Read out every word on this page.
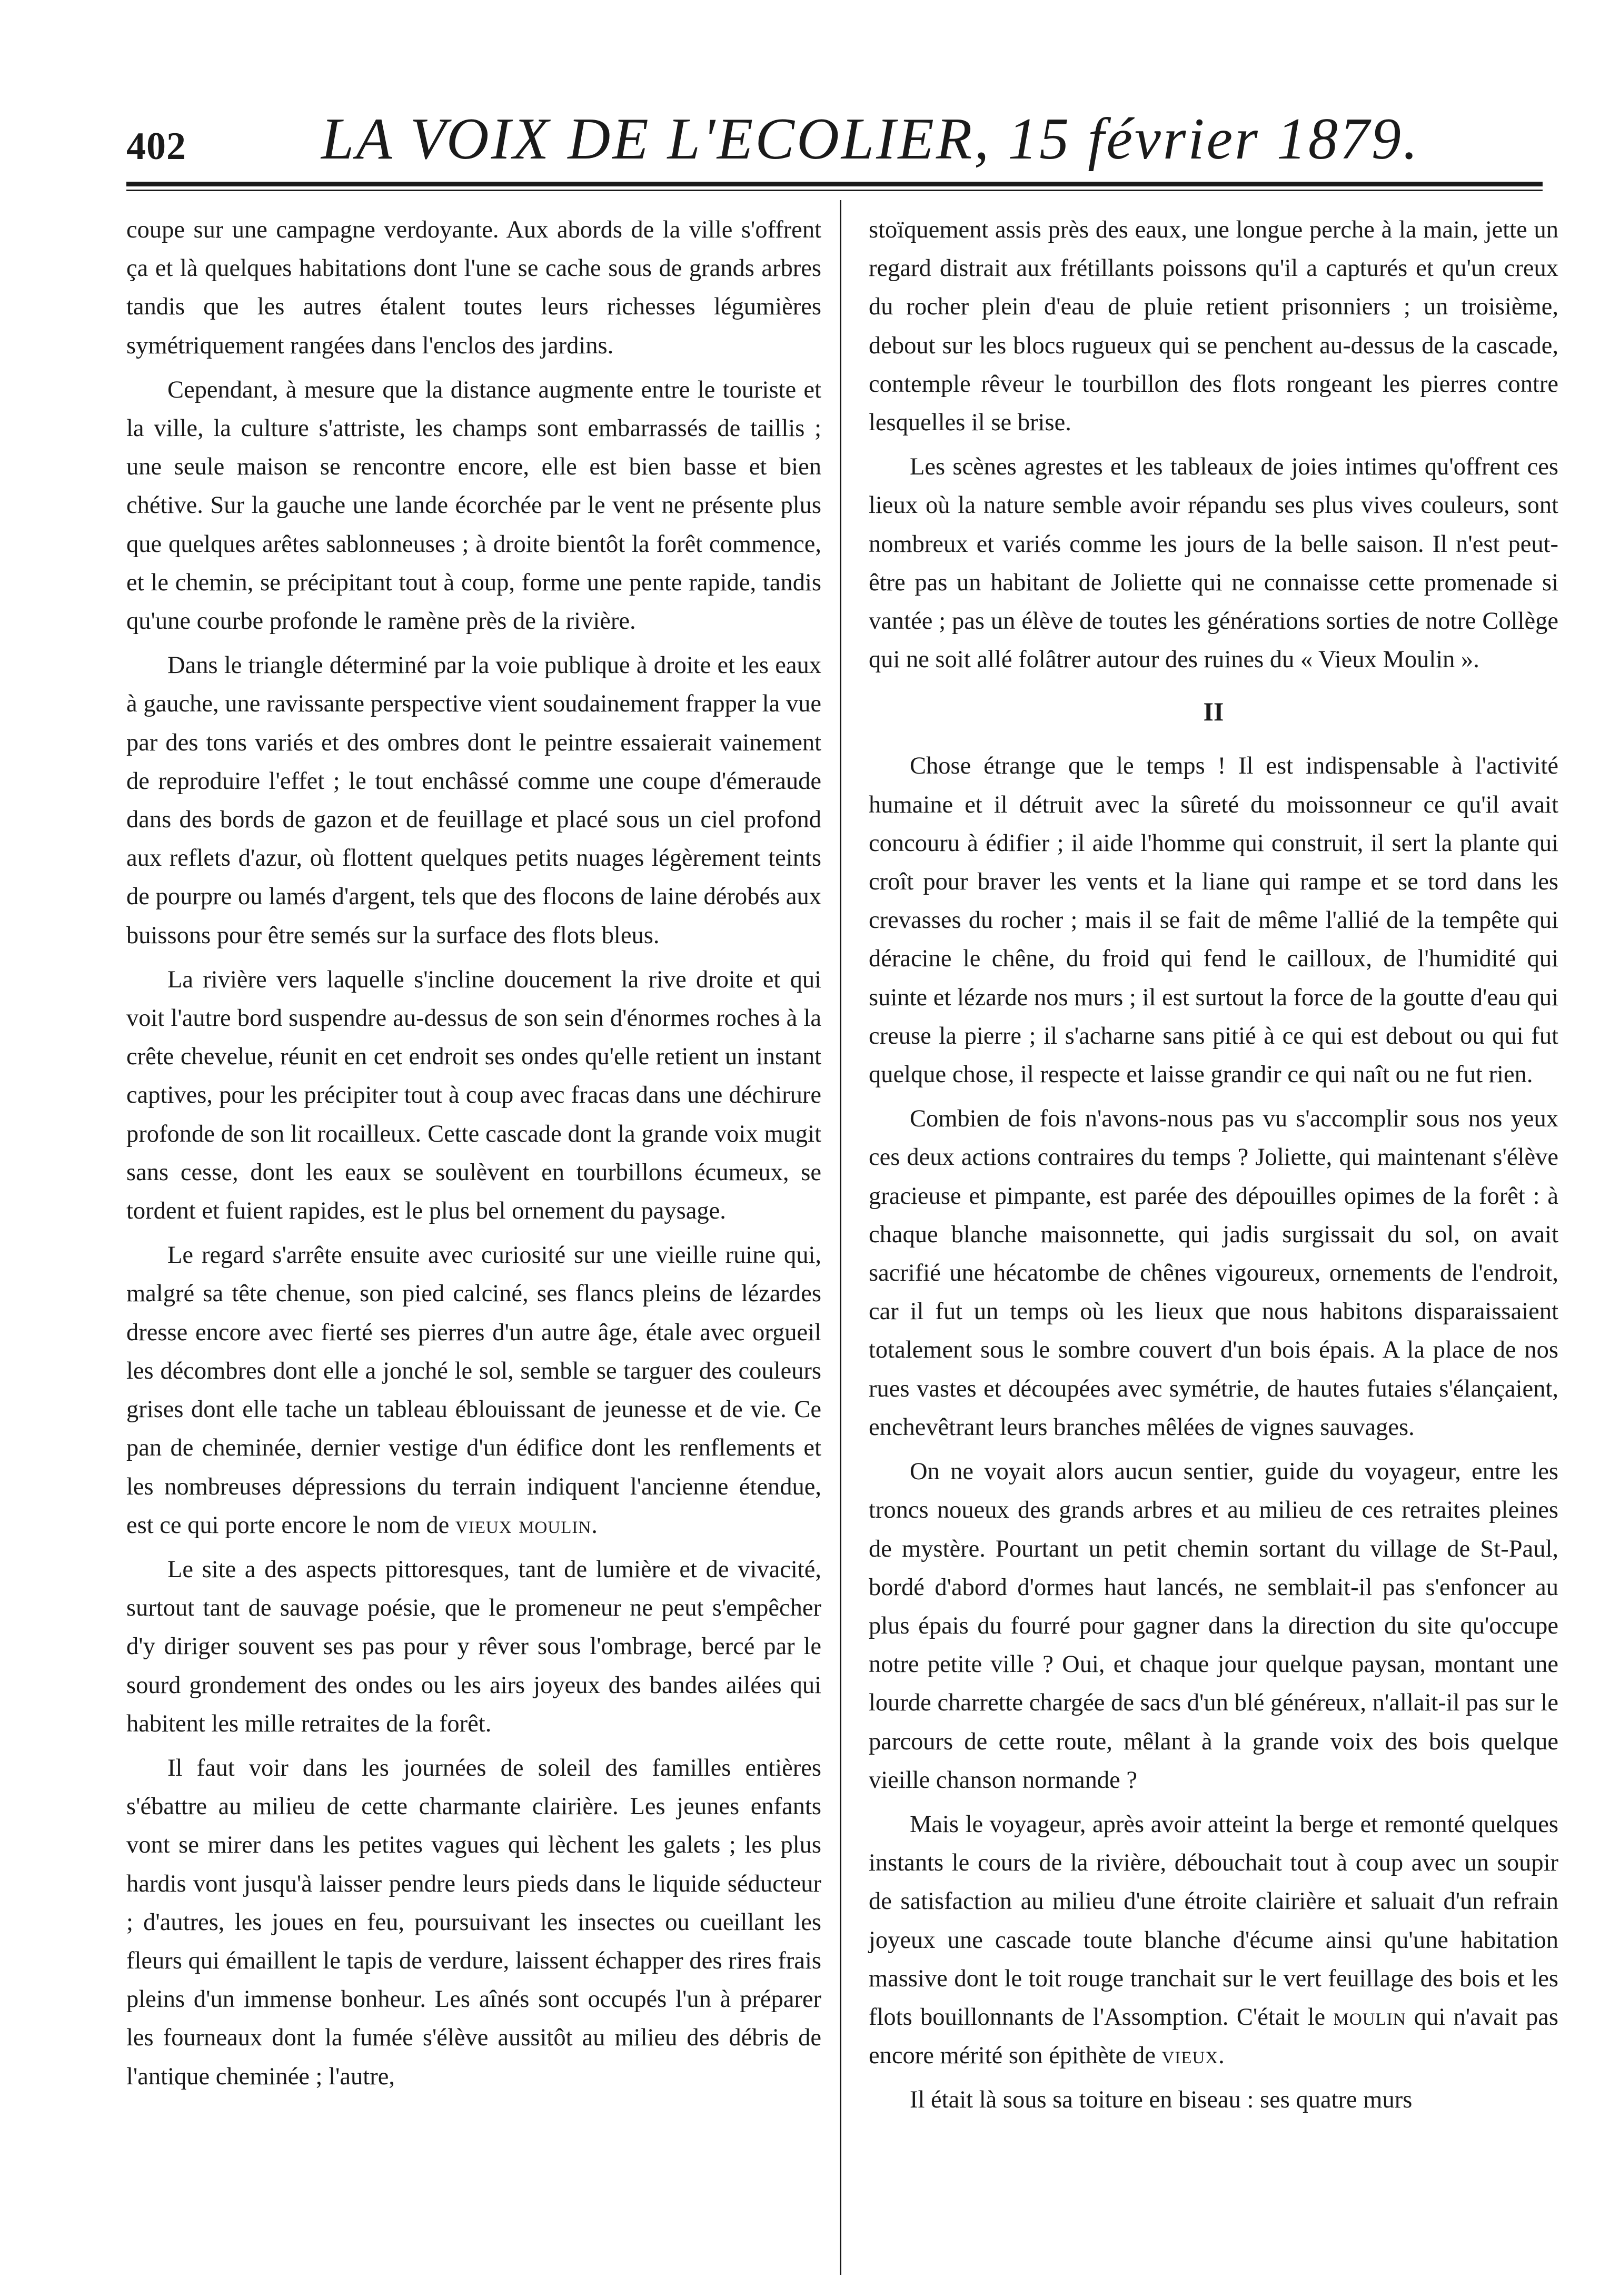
402 LA VOIX DE L'ECOLIER, 15 février 1879.

coupe sur une campagne verdoyante. Aux abords de la ville s'offrent ça et là quelques habitations dont l'une se cache sous de grands arbres tandis que les autres étalent toutes leurs richesses légumières symétriquement rangées dans l'enclos des jardins.

Cependant, à mesure que la distance augmente entre le touriste et la ville, la culture s'attriste, les champs sont embarrassés de taillis ; une seule maison se rencontre encore, elle est bien basse et bien chétive. Sur la gauche une lande écorchée par le vent ne présente plus que quelques arêtes sablonneuses ; à droite bientôt la forêt commence, et le chemin, se précipitant tout à coup, forme une pente rapide, tandis qu'une courbe profonde le ramène près de la rivière.

Dans le triangle déterminé par la voie publique à droite et les eaux à gauche, une ravissante perspective vient soudainement frapper la vue par des tons variés et des ombres dont le peintre essaierait vainement de reproduire l'effet ; le tout enchâssé comme une coupe d'émeraude dans des bords de gazon et de feuillage et placé sous un ciel profond aux reflets d'azur, où flottent quelques petits nuages légèrement teints de pourpre ou lamés d'argent, tels que des flocons de laine dérobés aux buissons pour être semés sur la surface des flots bleus.

La rivière vers laquelle s'incline doucement la rive droite et qui voit l'autre bord suspendre au-dessus de son sein d'énormes roches à la crête chevelue, réunit en cet endroit ses ondes qu'elle retient un instant captives, pour les précipiter tout à coup avec fracas dans une déchirure profonde de son lit rocailleux. Cette cascade dont la grande voix mugit sans cesse, dont les eaux se soulèvent en tourbillons écumeux, se tordent et fuient rapides, est le plus bel ornement du paysage.

Le regard s'arrête ensuite avec curiosité sur une vieille ruine qui, malgré sa tête chenue, son pied calciné, ses flancs pleins de lézardes dresse encore avec fierté ses pierres d'un autre âge, étale avec orgueil les décombres dont elle a jonché le sol, semble se targuer des couleurs grises dont elle tache un tableau éblouissant de jeunesse et de vie. Ce pan de cheminée, dernier vestige d'un édifice dont les renflements et les nombreuses dépressions du terrain indiquent l'ancienne étendue, est ce qui porte encore le nom de vieux moulin.

Le site a des aspects pittoresques, tant de lumière et de vivacité, surtout tant de sauvage poésie, que le promeneur ne peut s'empêcher d'y diriger souvent ses pas pour y rêver sous l'ombrage, bercé par le sourd grondement des ondes ou les airs joyeux des bandes ailées qui habitent les mille retraites de la forêt.

Il faut voir dans les journées de soleil des familles entières s'ébattre au milieu de cette charmante clairière. Les jeunes enfants vont se mirer dans les petites vagues qui lèchent les galets ; les plus hardis vont jusqu'à laisser pendre leurs pieds dans le liquide séducteur ; d'autres, les joues en feu, poursuivant les insectes ou cueillant les fleurs qui émaillent le tapis de verdure, laissent échapper des rires frais pleins d'un immense bonheur. Les aînés sont occupés l'un à préparer les fourneaux dont la fumée s'élève aussitôt au milieu des débris de l'antique cheminée ; l'autre,

stoïquement assis près des eaux, une longue perche à la main, jette un regard distrait aux frétillants poissons qu'il a capturés et qu'un creux du rocher plein d'eau de pluie retient prisonniers ; un troisième, debout sur les blocs rugueux qui se penchent au-dessus de la cascade, contemple rêveur le tourbillon des flots rongeant les pierres contre lesquelles il se brise.

Les scènes agrestes et les tableaux de joies intimes qu'offrent ces lieux où la nature semble avoir répandu ses plus vives couleurs, sont nombreux et variés comme les jours de la belle saison. Il n'est peut-être pas un habitant de Joliette qui ne connaisse cette promenade si vantée ; pas un élève de toutes les générations sorties de notre Collège qui ne soit allé folâtrer autour des ruines du « Vieux Moulin ».

II

Chose étrange que le temps ! Il est indispensable à l'activité humaine et il détruit avec la sûreté du moissonneur ce qu'il avait concouru à édifier ; il aide l'homme qui construit, il sert la plante qui croît pour braver les vents et la liane qui rampe et se tord dans les crevasses du rocher ; mais il se fait de même l'allié de la tempête qui déracine le chêne, du froid qui fend le cailloux, de l'humidité qui suinte et lézarde nos murs ; il est surtout la force de la goutte d'eau qui creuse la pierre ; il s'acharne sans pitié à ce qui est debout ou qui fut quelque chose, il respecte et laisse grandir ce qui naît ou ne fut rien.

Combien de fois n'avons-nous pas vu s'accomplir sous nos yeux ces deux actions contraires du temps ? Joliette, qui maintenant s'élève gracieuse et pimpante, est parée des dépouilles opimes de la forêt : à chaque blanche maisonnette, qui jadis surgissait du sol, on avait sacrifié une hécatombe de chênes vigoureux, ornements de l'endroit, car il fut un temps où les lieux que nous habitons disparaissaient totalement sous le sombre couvert d'un bois épais. A la place de nos rues vastes et découpées avec symétrie, de hautes futaies s'élançaient, enchevêtrant leurs branches mêlées de vignes sauvages.

On ne voyait alors aucun sentier, guide du voyageur, entre les troncs noueux des grands arbres et au milieu de ces retraites pleines de mystère. Pourtant un petit chemin sortant du village de St-Paul, bordé d'abord d'ormes haut lancés, ne semblait-il pas s'enfoncer au plus épais du fourré pour gagner dans la direction du site qu'occupe notre petite ville ? Oui, et chaque jour quelque paysan, montant une lourde charrette chargée de sacs d'un blé généreux, n'allait-il pas sur le parcours de cette route, mêlant à la grande voix des bois quelque vieille chanson normande ?

Mais le voyageur, après avoir atteint la berge et remonté quelques instants le cours de la rivière, débouchait tout à coup avec un soupir de satisfaction au milieu d'une étroite clairière et saluait d'un refrain joyeux une cascade toute blanche d'écume ainsi qu'une habitation massive dont le toit rouge tranchait sur le vert feuillage des bois et les flots bouillonnants de l'Assomption. C'était le moulin qui n'avait pas encore mérité son épithète de vieux.

Il était là sous sa toiture en biseau : ses quatre murs
